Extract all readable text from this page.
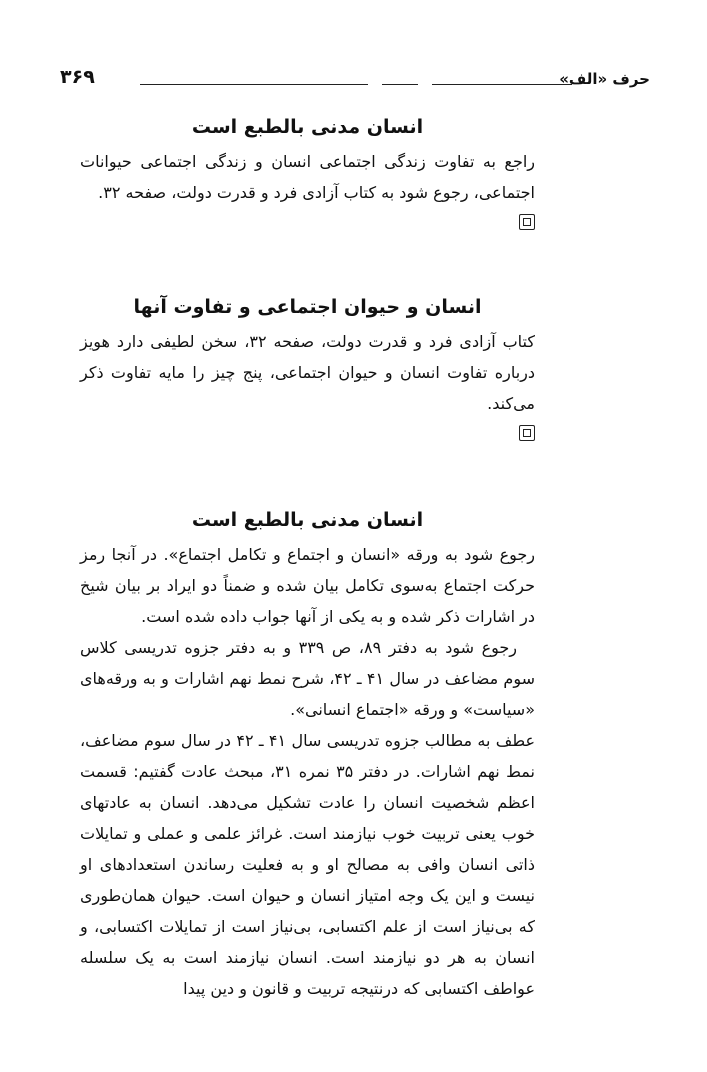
حرف «الف»
۳۶۹
انسان مدنی بالطبع است

راجع به تفاوت زندگی اجتماعی انسان و زندگی اجتماعی حیوانات اجتماعی، رجوع شود به کتاب آزادی فرد و قدرت دولت، صفحه ۳۲.

انسان و حیوان اجتماعی و تفاوت آنها

کتاب آزادی فرد و قدرت دولت، صفحه ۳۲، سخن لطیفی دارد هویز درباره تفاوت انسان و حیوان اجتماعی، پنج چیز را مایه تفاوت ذکر می‌کند.

انسان مدنی بالطبع است

رجوع شود به ورقه «انسان و اجتماع و تکامل اجتماع». در آنجا رمز حرکت اجتماع به‌سوی تکامل بیان شده و ضمناً دو ایراد بر بیان شیخ در اشارات ذکر شده و به یکی از آنها جواب داده شده است.

رجوع شود به دفتر ۸۹، ص ۳۳۹ و به دفتر جزوه تدریسی کلاس سوم مضاعف در سال ۴۱ ـ ۴۲، شرح نمط نهم اشارات و به ورقه‌های «سیاست» و ورقه «اجتماع انسانی».

عطف به مطالب جزوه تدریسی سال ۴۱ ـ ۴۲ در سال سوم مضاعف، نمط نهم اشارات. در دفتر ۳۵ نمره ۳۱، مبحث عادت گفتیم: قسمت اعظم شخصیت انسان را عادت تشکیل می‌دهد. انسان به عادتهای خوب یعنی تربیت خوب نیازمند است. غرائز علمی و عملی و تمایلات ذاتی انسان وافی به مصالح او و به فعلیت رساندن استعدادهای او نیست و این یک وجه امتیاز انسان و حیوان است. حیوان همان‌طوری که بی‌نیاز است از علم اکتسابی، بی‌نیاز است از تمایلات اکتسابی، و انسان به هر دو نیازمند است. انسان نیازمند است به یک سلسله عواطف اکتسابی که درنتیجه تربیت و قانون و دین پیدا
